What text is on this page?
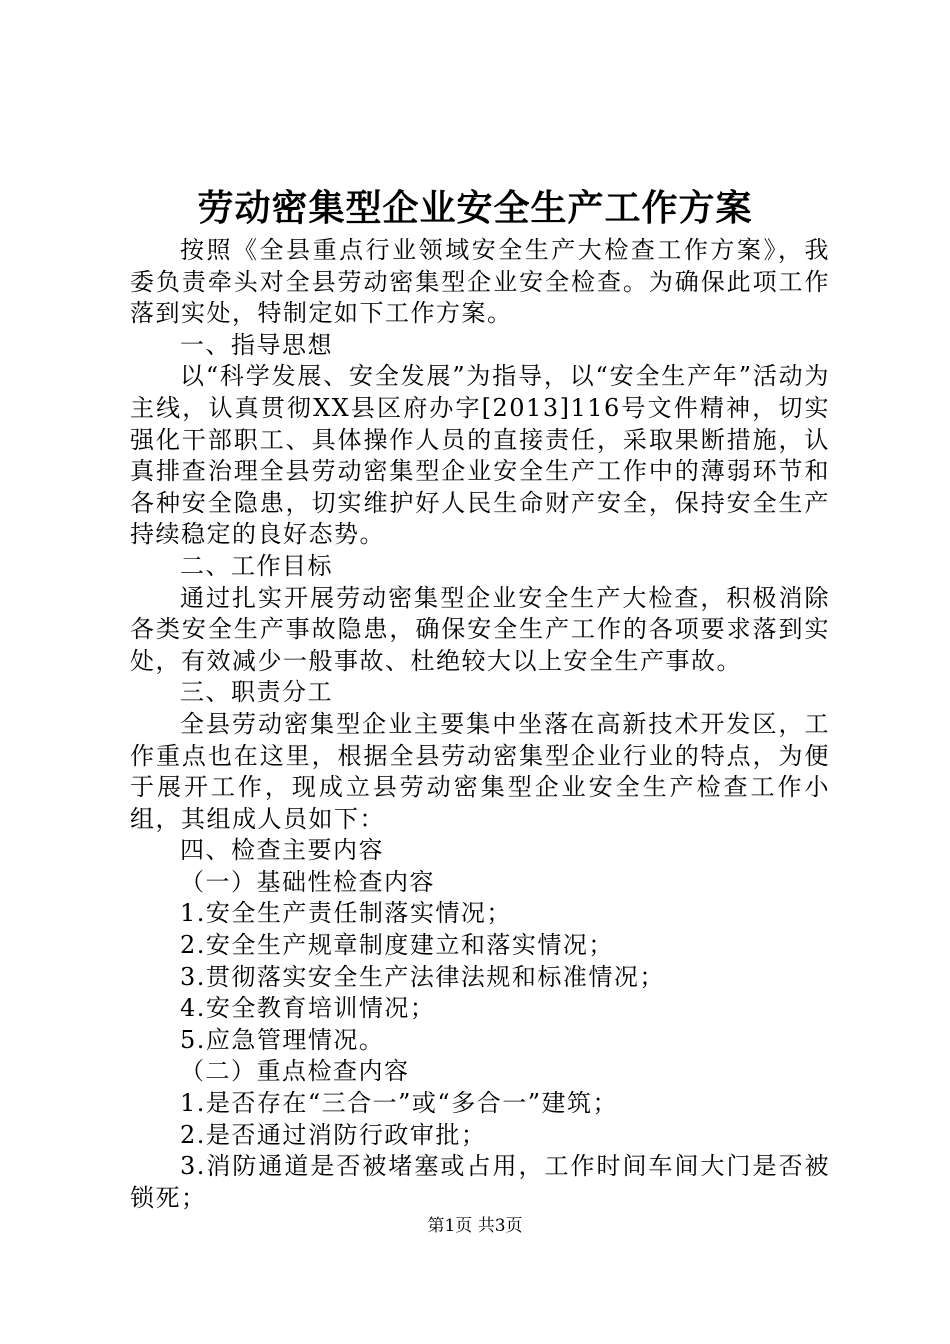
劳动密集型企业安全生产工作方案

按照《全县重点行业领域安全生产大检查工作方案》，我委负责牵头对全县劳动密集型企业安全检查。为确保此项工作落到实处，特制定如下工作方案。

一、指导思想

以“科学发展、安全发展”为指导，以“安全生产年”活动为主线，认真贯彻XX县区府办字[2013]116号文件精神，切实强化干部职工、具体操作人员的直接责任，采取果断措施，认真排查治理全县劳动密集型企业安全生产工作中的薄弱环节和各种安全隐患，切实维护好人民生命财产安全，保持安全生产持续稳定的良好态势。

二、工作目标

通过扎实开展劳动密集型企业安全生产大检查，积极消除各类安全生产事故隐患，确保安全生产工作的各项要求落到实处，有效减少一般事故、杜绝较大以上安全生产事故。

三、职责分工

全县劳动密集型企业主要集中坐落在高新技术开发区，工作重点也在这里，根据全县劳动密集型企业行业的特点，为便于展开工作，现成立县劳动密集型企业安全生产检查工作小组，其组成人员如下：

四、检查主要内容

（一）基础性检查内容

1.安全生产责任制落实情况；

2.安全生产规章制度建立和落实情况；

3.贯彻落实安全生产法律法规和标准情况；

4.安全教育培训情况；

5.应急管理情况。

（二）重点检查内容

1.是否存在“三合一”或“多合一”建筑；

2.是否通过消防行政审批；

3.消防通道是否被堵塞或占用，工作时间车间大门是否被锁死；

第1页 共3页
